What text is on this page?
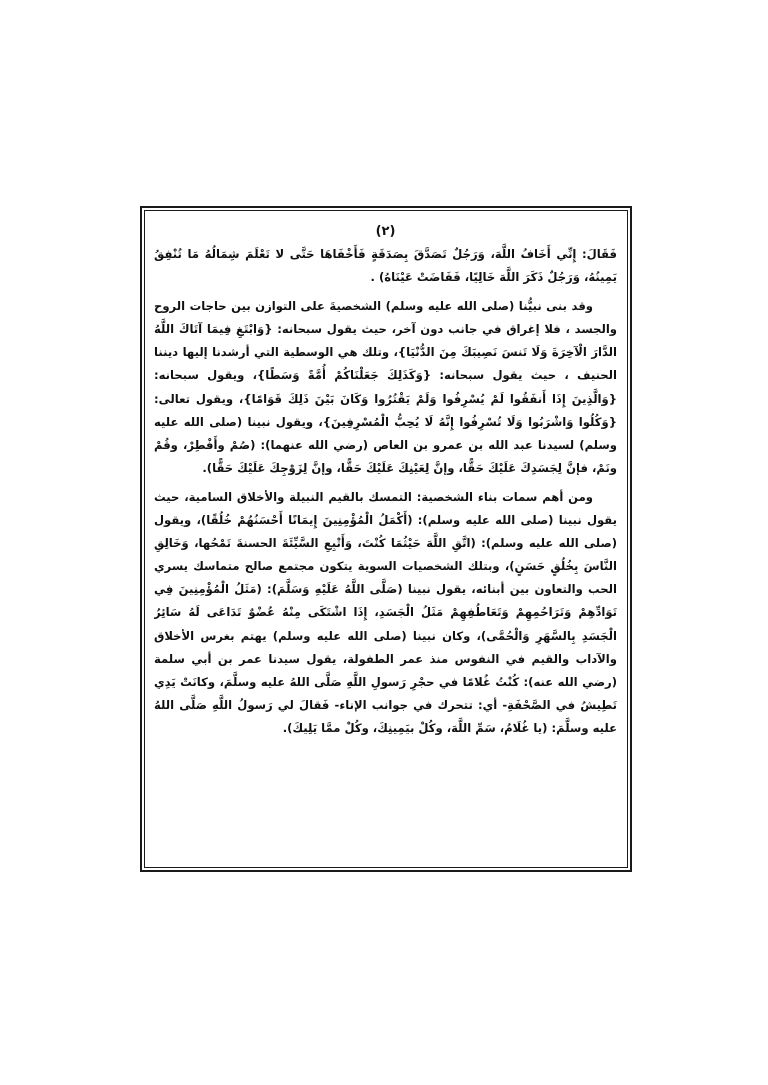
(٢)

فَقَالَ: إِنِّي أَخَافُ اللَّهَ، وَرَجُلٌ تَصَدَّقَ بِصَدَقَةٍ فَأَخْفَاهَا حَتَّى لا تَعْلَمَ شِمَالُهُ مَا تُنْفِقُ يَمِينُهُ، وَرَجُلٌ ذَكَرَ اللَّهَ خَالِيًا، فَفَاضَتْ عَيْنَاهُ) .

وقد بنى نبيُّنا (صلى الله عليه وسلم) الشخصيةَ على التوازن بين حاجات الروح والجسد ، فلا إغراق في جانب دون آخر، حيث يقول سبحانه: {وَابْتَغِ فِيمَا آتَاكَ اللَّهُ الدَّارَ الْآخِرَةَ وَلَا تَنسَ نَصِيبَكَ مِنَ الدُّنْيَا}، وتلك هي الوسطية التي أرشدنا إليها ديننا الحنيف ، حيث يقول سبحانه: {وَكَذَلِكَ جَعَلْنَاكُمْ أُمَّةً وَسَطًا}، ويقول سبحانه: {وَالَّذِينَ إِذَا أَنفَقُوا لَمْ يُسْرِفُوا وَلَمْ يَقْتُرُوا وَكَانَ بَيْنَ ذَلِكَ قَوَامًا}، ويقول تعالى: {وَكُلُوا وَاشْرَبُوا وَلَا تُسْرِفُوا إِنَّهُ لَا يُحِبُّ الْمُسْرِفِينَ}، ويقول نبينا (صلى الله عليه وسلم) لسيدنا عبد الله بن عمرو بن العاص (رضي الله عنهما): (صُمْ وأَفْطِرْ، وقُمْ ونَمْ، فإنَّ لِجَسَدِكَ عَلَيْكَ حَقًّا، وإنَّ لِعَيْنِكَ عَلَيْكَ حَقًّا، وإنَّ لِزَوْجِكَ عَلَيْكَ حَقًّا).

ومن أهم سمات بناء الشخصية: التمسك بالقيم النبيلة والأخلاق السامية، حيث يقول نبينا (صلى الله عليه وسلم): (أَكْمَلُ الْمُؤْمِنِينَ إِيمَانًا أَحْسَنُهُمْ خُلُقًا)، ويقول (صلى الله عليه وسلم): (اتَّقِ اللَّهَ حَيْثُمَا كُنْتَ، وَأَتْبِعِ السَّيِّئَةَ الحسنةَ تَمْحُها، وَخَالِقِ النَّاسَ بِخُلُقٍ حَسَنٍ)، وبتلك الشخصيات السوية يتكون مجتمع صالح متماسك يسري الحب والتعاون بين أبنائه، يقول نبينا (صَلَّى اللَّهُ عَلَيْهِ وَسَلَّمَ): (مَثَلُ الْمُؤْمِنِينَ فِي تَوَادِّهِمْ وَتَرَاحُمِهِمْ وَتَعَاطُفِهِمْ مَثَلُ الْجَسَدِ، إِذَا اشْتَكَى مِنْهُ عُضْوٌ تَدَاعَى لَهُ سَائِرُ الْجَسَدِ بِالسَّهَرِ وَالْحُمَّى)، وكان نبينا (صلى الله عليه وسلم) يهتم بغرس الأخلاق والآداب والقيم في النفوس منذ عمر الطفولة، يقول سيدنا عمر بن أبي سلمة (رضي الله عنه): كُنْتُ غُلامًا في حجْرِ رَسولِ اللَّهِ صَلَّى اللهُ عليه وسلَّمَ، وكانَتْ يَدِي تَطِيشُ في الصَّحْفَةِ- أي: تتحرك في جوانب الإناء- فَقالَ لي رَسولُ اللَّهِ صَلَّى اللهُ عليه وسلَّمَ: (يا غُلَامُ، سَمِّ اللَّهَ، وكُلْ بيَمِينِكَ، وكُلْ ممَّا يَلِيكَ).
